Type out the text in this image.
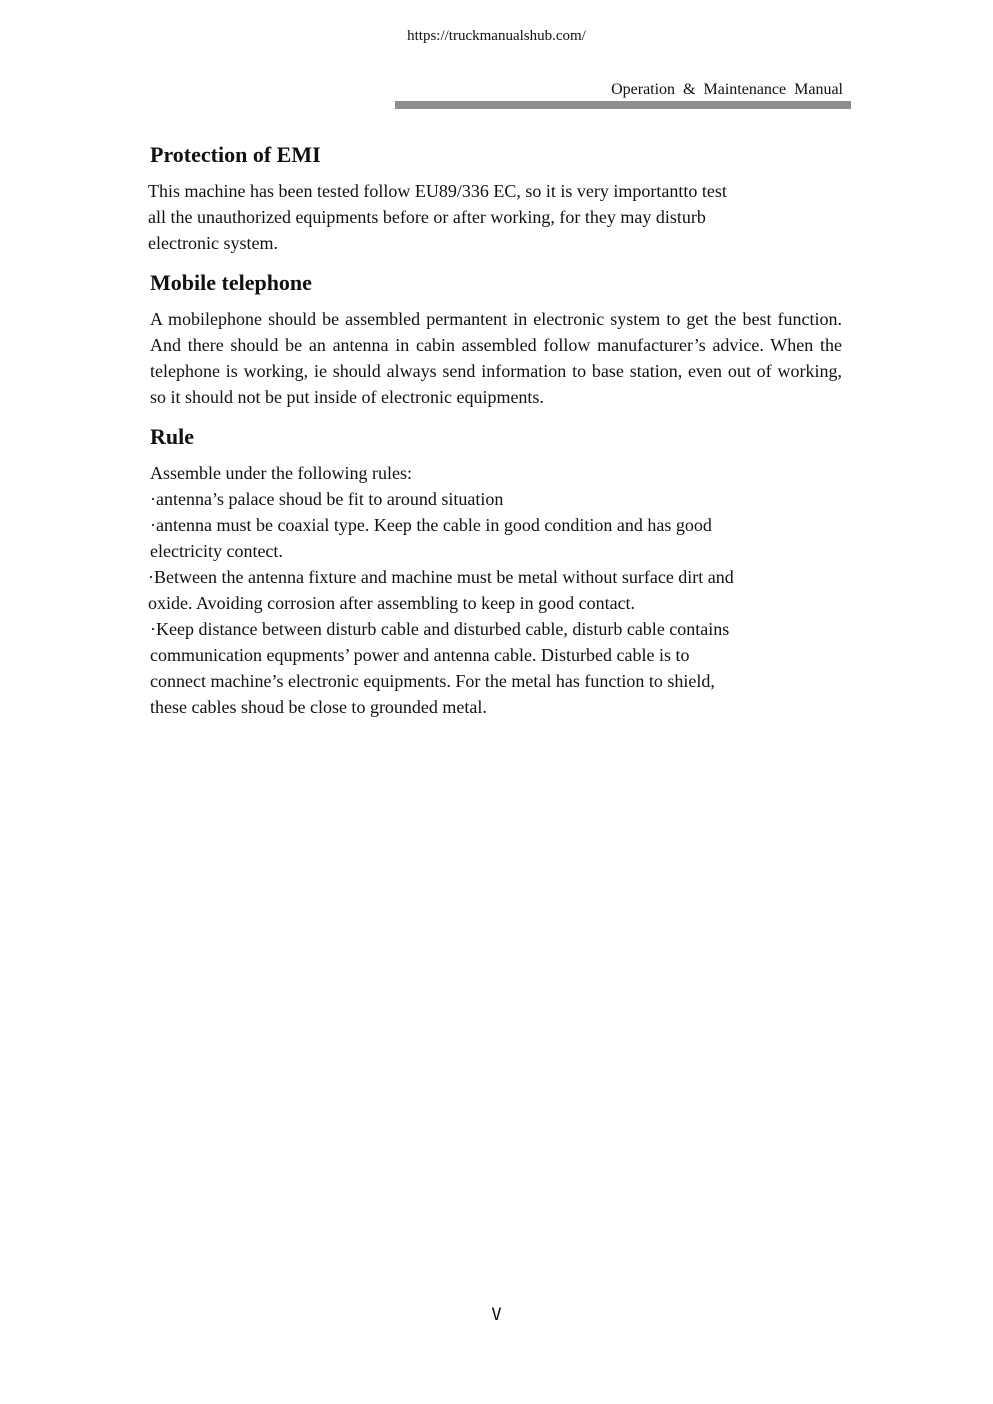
https://truckmanualshub.com/
Operation & Maintenance Manual
Protection of EMI
This machine has been tested follow EU89/336 EC, so it is very importantto test
all the unauthorized equipments before or after working, for they may disturb
electronic system.
Mobile telephone

A mobilephone should be assembled permantent in electronic system to get the best function. And there should be an antenna in cabin assembled follow manufacturer’s advice. When the telephone is working, ie should always send information to base station, even out of working, so it should not be put inside of electronic equipments.

Rule
Assemble under the following rules:
·antenna’s palace shoud be fit to around situation
·antenna must be coaxial type. Keep the cable in good condition and has good
electricity contect.
·Between the antenna fixture and machine must be metal without surface dirt and
oxide. Avoiding corrosion after assembling to keep in good contact.
·Keep distance between disturb cable and disturbed cable, disturb cable contains
communication equpments’ power and antenna cable. Disturbed cable is to
connect machine’s electronic equipments. For the metal has function to shield,
these cables shoud be close to grounded metal.
V
